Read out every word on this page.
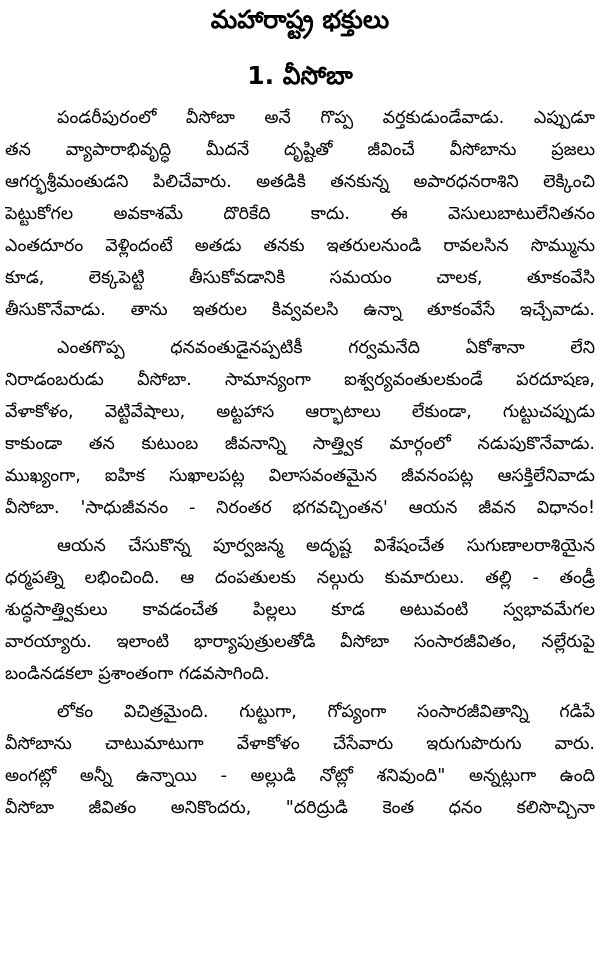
మహారాష్ట్ర భక్తులు
1. వీసోబా
పండరీపురంలో వీసోబా అనే గొప్ప వర్తకుడుండేవాడు. ఎప్పుడూ
తన వ్యాపారాభివృద్ధి మీదనే దృష్టితో జీవించే వీసోబాను ప్రజలు
ఆగర్భశ్రీమంతుడని పిలిచేవారు. అతడికి తనకున్న అపారధనరాశిని లెక్కించి
పెట్టుకోగల అవకాశమే దొరికేది కాదు. ఈ వెసులుబాటులేనితనం
ఎంతదూరం వెళ్లిందంటే అతడు తనకు ఇతరులనుండి రావలసిన సొమ్మును
కూడ, లెక్కపెట్టి తీసుకోవడానికి సమయం చాలక, తూకంవేసి
తీసుకొనేవాడు. తాను ఇతరుల కివ్వవలసి ఉన్నా తూకంవేసే ఇచ్చేవాడు.
ఎంతగొప్ప ధనవంతుడైనప్పటికీ గర్వమనేది ఏకోశానా లేని
నిరాడంబరుడు వీసోబా. సామాన్యంగా ఐశ్వర్యవంతులకుండే పరదూషణ,
వేళాకోళం, వెట్టివేషాలు, అట్టహాస ఆర్భాటాలు లేకుండా, గుట్టుచప్పుడు
కాకుండా తన కుటుంబ జీవనాన్ని సాత్త్విక మార్గంలో నడుపుకొనేవాడు.
ముఖ్యంగా, ఐహిక సుఖాలపట్ల విలాసవంతమైన జీవనంపట్ల ఆసక్తిలేనివాడు
వీసోబా. 'సాధుజీవనం - నిరంతర భగవచ్చింతన' ఆయన జీవన విధానం!
ఆయన చేసుకొన్న పూర్వజన్మ అదృష్ట విశేషంచేత సుగుణాలరాశియైన
ధర్మపత్ని లభించింది. ఆ దంపతులకు నల్గురు కుమారులు. తల్లి - తండ్రీ
శుద్ధసాత్త్వికులు కావడంచేత పిల్లలు కూడ అటువంటి స్వభావమేగల
వారయ్యారు. ఇలాంటి భార్యాపుత్రులతోడి వీసోబా సంసారజీవితం, నల్లేరుపై
బండినడకలా ప్రశాంతంగా గడవసాగింది.
లోకం విచిత్రమైంది. గుట్టుగా, గోప్యంగా సంసారజీవితాన్ని గడిపే
వీసోబాను చాటుమాటుగా వేళాకోళం చేసేవారు ఇరుగుపొరుగు వారు.
అంగట్లో అన్నీ ఉన్నాయి - అల్లుడి నోట్లో శనివుంది" అన్నట్లుగా ఉంది
వీసోబా జీవితం అనికొందరు, "దరిద్రుడి కెంత ధనం కలిసొచ్చినా
